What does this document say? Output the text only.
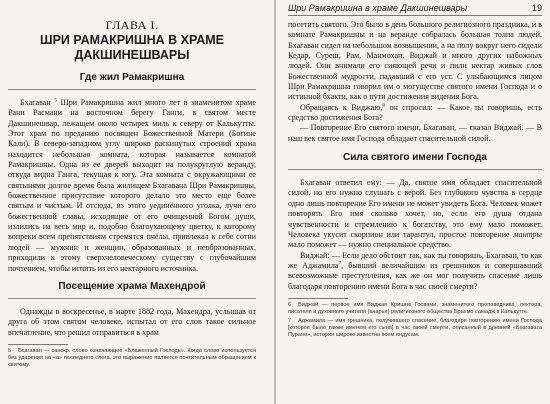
ГЛАВА I.
ШРИ РАМАКРИШНА В ХРАМЕ
ДАКШИНЕШВАРЫ
Где жил Рамакришна

Бхагаван $^5$ Шри Рамакришна жил много лет в знаменитом храме Рани Расмани на восточном берегу Ганги, в святом месте Дакшинешвар, лежащем около четырех миль к северу от Калькутты. Этот храм по преданию посвящен Божественной Матери (Богине Кали). В северо-западном углу широко раскинутых строений храма находится небольшая комната, которая называется комнатой Рамакришны. Одна из ее дверей выходит на полукруглую веранду, откуда видна Ганга, текущая к югу. Эта комната с окружающими ее святынями долгое время была жилищем Бхагавана Шри Рамакришны, божественное присутствие которого делало это место еще более святым и чистым. И отсюда, из этого уединённого уголка, лучи его божественной славы, исходящие от его очищенной Богом души, излились на весь мир и, подобно благоухающему цветку, к которому вопреки всем препятствиям стремятся пчёлы, привлекал к себе сотни людей — мужчин и женщин, образованных и необразованных, приходили к этому сверхчеловеческому существу с глубочайшим почтением, чтобы испить из его нектарного источника.

Посещение храма Махендрой

Однажды в воскресенье, в марте 1882 года, Махендра, услышав от друга об этом святом человеке, испытал от его слов такое сильное впечатление, что решил отправиться в храм

5 Бхагаван — санскр. слово означающее «Блаженный Господь». Когда слово используется без ударения на «а» последнего слога, это выражение является почтительным обращением к святому.

Шри Рамакришна в храме Дакшинешвары	19

посетить святого. Это было в день большого религиозного праздника, и в комнате Рамакришны и на веранде собралась большая толпа людей. Бхагаван сидел на небольшом возвышении, а на полу вокруг него сидели Кедар, Суреш, Рам, Манмохан, Виджай и много других набожных людей. Они внимали его сияющей речи и пили нектар живых слов Божественной мудрости, падавший с его уст. С улыбающимся лицом Шри Рамакришна говорил им о могуществе святого имени Господа и о истинной бхакти, как о пути достижения видения Бога.

Обращаясь к Виджаю,$^6$ он спросил: — Какое ты говоришь, есть средство достижения Бога?

— Повторение Его святого имени, Бхагаван, — сказал Виджай. — В наш век святое имя Господа обладает спасительной силой.

Сила святого имени Господа

Бхагаван ответил ему: — Да, святое имя обладает спасительной силой, но его нужно слушать с верой. Без глубокого чувства в сердце одно лишь повторение Его имени не может увидеть Бога. Человек может повторять Его имя сколько хочет, но, если его душа отдана чувственности и стремлению к богатству, это ему мало поможет. Человека укусит скорпион или тарантул, простое повторение мантры мало поможет — нужно специальное средство.

Виджай: — Если дело обстоит так, как ты говоришь, Бхагаван, то как же Аджамила$^7$, бывший величайшим из грешников и совершавший всевозможные преступления, как же он мог получить спасение лишь благодаря повторению имени Бога в час своей смерти?

6 Виджай — первое имя Виджая Кришна Госвами, знаменитого проповедника, лектора, писателя и духовного учителя (ачарья) религиозного общества Брахмо самадж в Калькутте.

7 Аджамила — имя грешника, получившего спасение, благодаря повторению имени Господа [которое было также именем его сына] в час своей смерти, описанный в древней «Бхагавата Пуране», история широко известна всем индусам.
